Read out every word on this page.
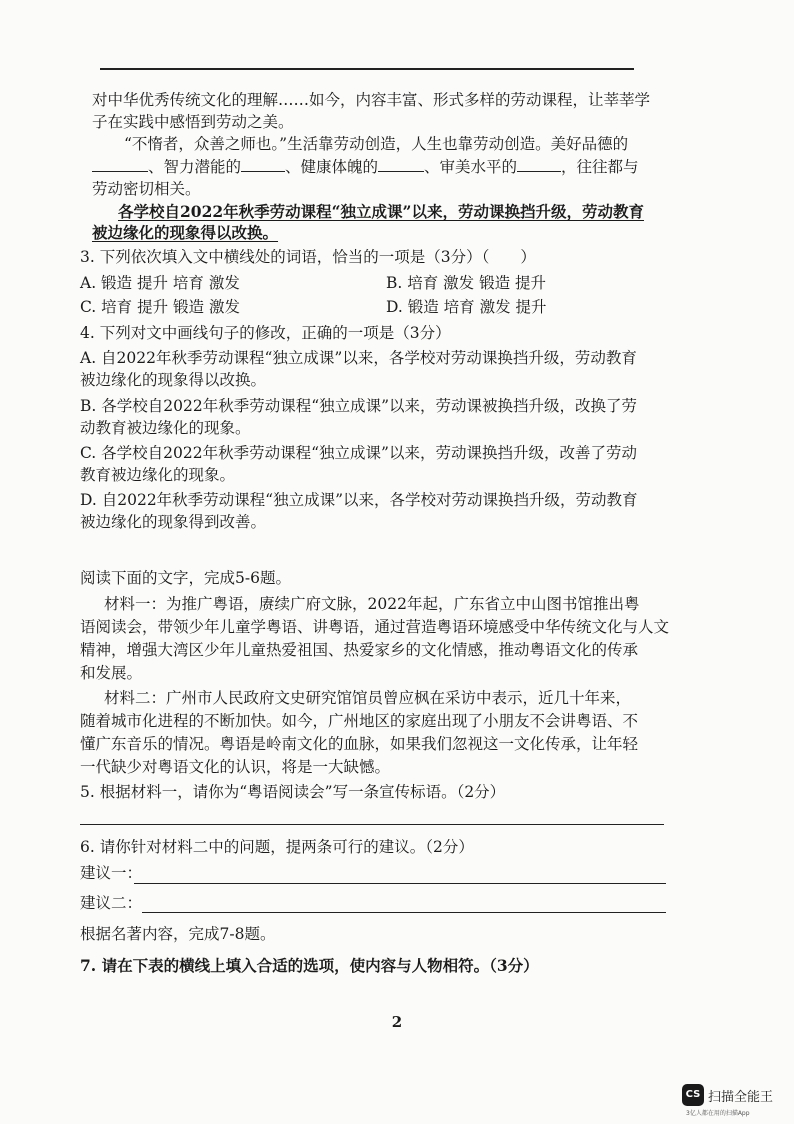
对中华优秀传统文化的理解……如今，内容丰富、形式多样的劳动课程，让莘莘学
子在实践中感悟到劳动之美。
“不惰者，众善之师也。”生活靠劳动创造，人生也靠劳动创造。美好品德的
、智力潜能的	、健康体魄的	、审美水平的	，往往都与
劳动密切相关。
各学校自2022年秋季劳动课程“独立成课”以来，劳动课换挡升级，劳动教育
被边缘化的现象得以改换。
3. 下列依次填入文中横线处的词语，恰当的一项是（3分）（　　）
A. 锻造 提升 培育 激发	B. 培育 激发 锻造 提升
C. 培育 提升 锻造 激发	D. 锻造 培育 激发 提升
4. 下列对文中画线句子的修改，正确的一项是（3分）
A. 自2022年秋季劳动课程“独立成课”以来，各学校对劳动课换挡升级，劳动教育
被边缘化的现象得以改换。
B. 各学校自2022年秋季劳动课程“独立成课”以来，劳动课被换挡升级，改换了劳
动教育被边缘化的现象。
C. 各学校自2022年秋季劳动课程“独立成课”以来，劳动课换挡升级，改善了劳动
教育被边缘化的现象。
D. 自2022年秋季劳动课程“独立成课”以来，各学校对劳动课换挡升级，劳动教育
被边缘化的现象得到改善。
阅读下面的文字，完成5-6题。
材料一：为推广粤语，赓续广府文脉，2022年起，广东省立中山图书馆推出粤
语阅读会，带领少年儿童学粤语、讲粤语，通过营造粤语环境感受中华传统文化与人文
精神，增强大湾区少年儿童热爱祖国、热爱家乡的文化情感，推动粤语文化的传承
和发展。
材料二：广州市人民政府文史研究馆馆员曾应枫在采访中表示，近几十年来，
随着城市化进程的不断加快。如今，广州地区的家庭出现了小朋友不会讲粤语、不
懂广东音乐的情况。粤语是岭南文化的血脉，如果我们忽视这一文化传承，让年轻
一代缺少对粤语文化的认识，将是一大缺憾。
5. 根据材料一，请你为“粤语阅读会”写一条宣传标语。（2分）
6. 请你针对材料二中的问题，提两条可行的建议。（2分）
建议一：
建议二：
根据名著内容，完成7-8题。
7. 请在下表的横线上填入合适的选项，使内容与人物相符。（3分）
2
CS 扫描全能王
3亿人都在用的扫描App
